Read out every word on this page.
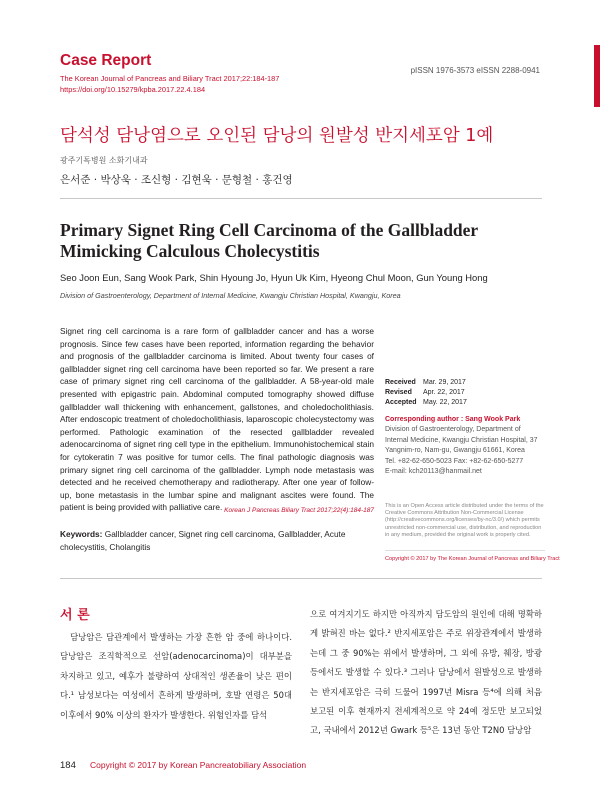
Case Report
pISSN 1976-3573 eISSN 2288-0941
The Korean Journal of Pancreas and Biliary Tract 2017;22:184-187
https://doi.org/10.15279/kpba.2017.22.4.184
담석성 담낭염으로 오인된 담낭의 원발성 반지세포암 1예
광주기독병원 소화기내과
은서준 · 박상욱 · 조신형 · 김현욱 · 문형철 · 홍건영
Primary Signet Ring Cell Carcinoma of the Gallbladder Mimicking Calculous Cholecystitis
Seo Joon Eun, Sang Wook Park, Shin Hyoung Jo, Hyun Uk Kim, Hyeong Chul Moon, Gun Young Hong
Division of Gastroenterology, Department of Internal Medicine, Kwangju Christian Hospital, Kwangju, Korea
Signet ring cell carcinoma is a rare form of gallbladder cancer and has a worse prognosis. Since few cases have been reported, information regarding the behavior and prognosis of the gallbladder carcinoma is limited. About twenty four cases of gallbladder signet ring cell carcinoma have been reported so far. We present a rare case of primary signet ring cell carcinoma of the gallbladder. A 58-year-old male presented with epigastric pain. Abdominal computed tomography showed diffuse gallbladder wall thickening with enhancement, gallstones, and choledocholithiasis. After endoscopic treatment of choledocholithiasis, laparoscopic cholecystectomy was performed. Pathologic examination of the resected gallbladder revealed adenocarcinoma of signet ring cell type in the epithelium. Immunohistochemical stain for cytokeratin 7 was positive for tumor cells. The final pathologic diagnosis was primary signet ring cell carcinoma of the gallbladder. Lymph node metastasis was detected and he received chemotherapy and radiotherapy. After one year of follow-up, bone metastasis in the lumbar spine and malignant ascites were found. The patient is being provided with palliative care. Korean J Pancreas Biliary Tract 2017;22(4):184-187
Keywords: Gallbladder cancer, Signet ring cell carcinoma, Gallbladder, Acute cholecystitis, Cholangitis
Received Mar. 29, 2017
Revised Apr. 22, 2017
Accepted May. 22, 2017
Corresponding author : Sang Wook Park
Division of Gastroenterology, Department of Internal Medicine, Kwangju Christian Hospital, 37 Yangnim-ro, Nam-gu, Gwangju 61661, Korea
Tel. +82-62-650-5023 Fax: +82-62-650-5277
E-mail: kch20113@hanmail.net
This is an Open Access article distributed under the terms of the Creative Commons Attribution Non-Commercial License (http://creativecommons.org/licenses/by-nc/3.0/) which permits unrestricted non-commercial use, distribution, and reproduction in any medium, provided the original work is properly cited.
Copyright © 2017 by The Korean Journal of Pancreas and Biliary Tract
서 론
담낭암은 담관계에서 발생하는 가장 흔한 암 중에 하나이다. 담낭암은 조직학적으로 선암(adenocarcinoma)이 대부분을 차지하고 있고, 예후가 불량하여 상대적인 생존율이 낮은 편이다.¹ 남성보다는 여성에서 흔하게 발생하며, 호발 연령은 50대 이후에서 90% 이상의 환자가 발생한다. 위험인자를 담석
으로 여겨지기도 하지만 아직까지 담도암의 원인에 대해 명확하게 밝혀진 바는 없다.² 반지세포암은 주로 위장관계에서 발생하는데 그 중 90%는 위에서 발생하며, 그 외에 유방, 췌장, 방광 등에서도 발생할 수 있다.³ 그러나 담낭에서 원발성으로 발생하는 반지세포암은 극히 드물어 1997년 Misra 등⁴에 의해 처음 보고된 이후 현재까지 전세계적으로 약 24예 정도만 보고되었고, 국내에서 2012년 Gwark 등⁵은 13년 동안 T2N0 담낭암
184 Copyright © 2017 by Korean Pancreatobiliary Association
